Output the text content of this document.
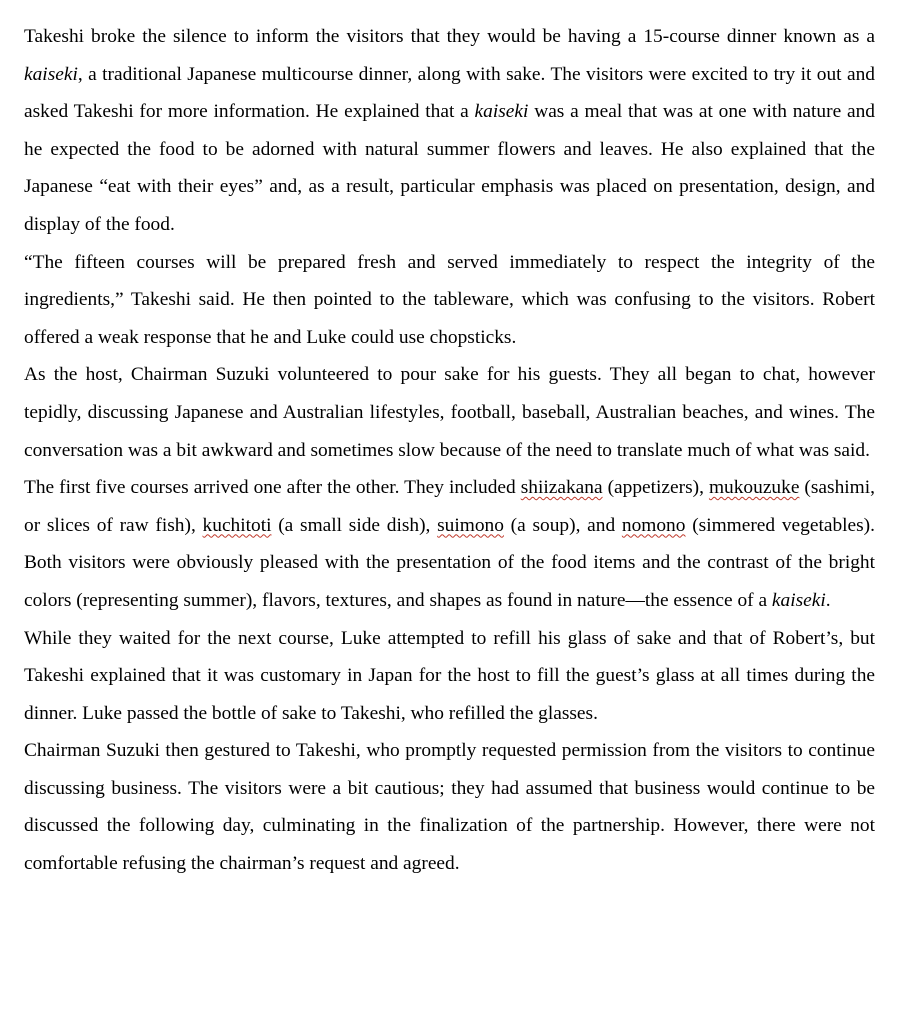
Takeshi broke the silence to inform the visitors that they would be having a 15-course dinner known as a kaiseki, a traditional Japanese multicourse dinner, along with sake. The visitors were excited to try it out and asked Takeshi for more information. He explained that a kaiseki was a meal that was at one with nature and he expected the food to be adorned with natural summer flowers and leaves. He also explained that the Japanese “eat with their eyes” and, as a result, particular emphasis was placed on presentation, design, and display of the food.

“The fifteen courses will be prepared fresh and served immediately to respect the integrity of the ingredients,” Takeshi said. He then pointed to the tableware, which was confusing to the visitors. Robert offered a weak response that he and Luke could use chopsticks.

As the host, Chairman Suzuki volunteered to pour sake for his guests. They all began to chat, however tepidly, discussing Japanese and Australian lifestyles, football, baseball, Australian beaches, and wines. The conversation was a bit awkward and sometimes slow because of the need to translate much of what was said.

The first five courses arrived one after the other. They included shiizakana (appetizers), mukouzuke (sashimi, or slices of raw fish), kuchitoti (a small side dish), suimono (a soup), and nomono (simmered vegetables). Both visitors were obviously pleased with the presentation of the food items and the contrast of the bright colors (representing summer), flavors, textures, and shapes as found in nature—the essence of a kaiseki.

While they waited for the next course, Luke attempted to refill his glass of sake and that of Robert’s, but Takeshi explained that it was customary in Japan for the host to fill the guest’s glass at all times during the dinner. Luke passed the bottle of sake to Takeshi, who refilled the glasses.

Chairman Suzuki then gestured to Takeshi, who promptly requested permission from the visitors to continue discussing business. The visitors were a bit cautious; they had assumed that business would continue to be discussed the following day, culminating in the finalization of the partnership. However, there were not comfortable refusing the chairman’s request and agreed.
